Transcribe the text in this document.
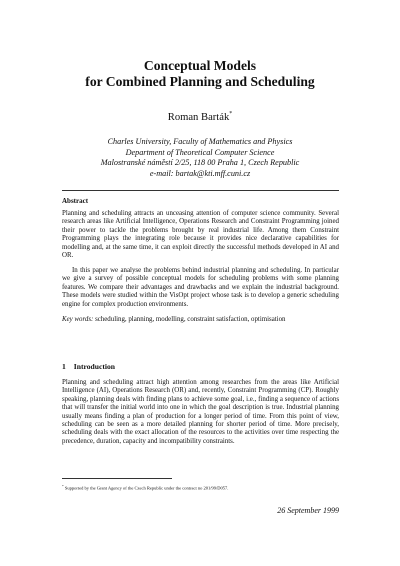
Conceptual Models
for Combined Planning and Scheduling
Roman Barták*
Charles University, Faculty of Mathematics and Physics
Department of Theoretical Computer Science
Malostranské náměstí 2/25, 118 00 Praha 1, Czech Republic
e-mail: bartak@kti.mff.cuni.cz
Abstract
Planning and scheduling attracts an unceasing attention of computer science community. Several research areas like Artificial Intelligence, Operations Research and Constraint Programming joined their power to tackle the problems brought by real industrial life. Among them Constraint Programming plays the integrating role because it provides nice declarative capabilities for modelling and, at the same time, it can exploit directly the successful methods developed in AI and OR.
In this paper we analyse the problems behind industrial planning and scheduling. In particular we give a survey of possible conceptual models for scheduling problems with some planning features. We compare their advantages and drawbacks and we explain the industrial background. These models were studied within the VisOpt project whose task is to develop a generic scheduling engine for complex production environments.
Key words: scheduling, planning, modelling, constraint satisfaction, optimisation
1 Introduction
Planning and scheduling attract high attention among researches from the areas like Artificial Intelligence (AI), Operations Research (OR) and, recently, Constraint Programming (CP). Roughly speaking, planning deals with finding plans to achieve some goal, i.e., finding a sequence of actions that will transfer the initial world into one in which the goal description is true. Industrial planning usually means finding a plan of production for a longer period of time. From this point of view, scheduling can be seen as a more detailed planning for shorter period of time. More precisely, scheduling deals with the exact allocation of the resources to the activities over time respecting the precedence, duration, capacity and incompatibility constraints.
* Supported by the Grant Agency of the Czech Republic under the contract no 201/99/D057.
26 September 1999
